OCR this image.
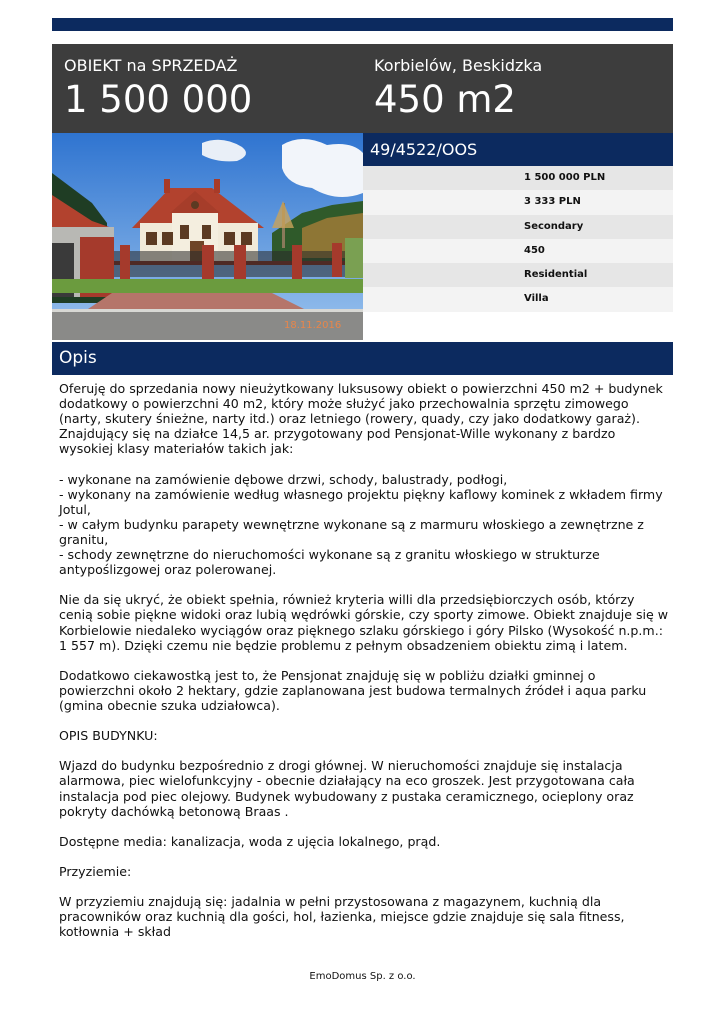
OBIEKT na SPRZEDAŻ
1 500 000
Korbielów, Beskidzka
450 m2
18.11.2016
49/4522/OOS
1 500 000 PLN
3 333 PLN
Secondary
450
Residential
Villa
Opis

Oferuję do sprzedania nowy nieużytkowany luksusowy obiekt o powierzchni 450 m2 + budynek dodatkowy o powierzchni 40 m2, który może służyć jako przechowalnia sprzętu zimowego (narty, skutery śnieżne, narty itd.) oraz letniego (rowery, quady, czy jako dodatkowy garaż). Znajdujący się na działce 14,5 ar. przygotowany pod Pensjonat-Wille wykonany z bardzo wysokiej klasy materiałów takich jak:

- wykonane na zamówienie dębowe drzwi, schody, balustrady, podłogi,

- wykonany na zamówienie według własnego projektu piękny kaflowy kominek z wkładem firmy Jotul,

- w całym budynku parapety wewnętrzne wykonane są z marmuru włoskiego a zewnętrzne z granitu,

- schody zewnętrzne do nieruchomości wykonane są z granitu włoskiego w strukturze antypoślizgowej oraz polerowanej.

Nie da się ukryć, że obiekt spełnia, również kryteria willi dla przedsiębiorczych osób, którzy cenią sobie piękne widoki oraz lubią wędrówki górskie, czy sporty zimowe. Obiekt znajduje się w Korbielowie niedaleko wyciągów oraz pięknego szlaku górskiego i góry Pilsko (Wysokość n.p.m.: 1 557 m). Dzięki czemu nie będzie problemu z pełnym obsadzeniem obiektu zimą i latem.

Dodatkowo ciekawostką jest to, że Pensjonat znajduję się w pobliżu działki gminnej o powierzchni około 2 hektary, gdzie zaplanowana jest budowa termalnych źródeł i aqua parku (gmina obecnie szuka udziałowca).

OPIS BUDYNKU:

Wjazd do budynku bezpośrednio z drogi głównej. W nieruchomości znajduje się instalacja alarmowa, piec wielofunkcyjny - obecnie działający na eco groszek. Jest przygotowana cała instalacja pod piec olejowy. Budynek wybudowany z pustaka ceramicznego, ocieplony oraz pokryty dachówką betonową Braas .

Dostępne media: kanalizacja, woda z ujęcia lokalnego, prąd.

Przyziemie:

W przyziemiu znajdują się: jadalnia w pełni przystosowana z magazynem, kuchnią dla pracowników oraz kuchnią dla gości, hol, łazienka, miejsce gdzie znajduje się sala fitness, kotłownia + skład

EmoDomus Sp. z o.o.
